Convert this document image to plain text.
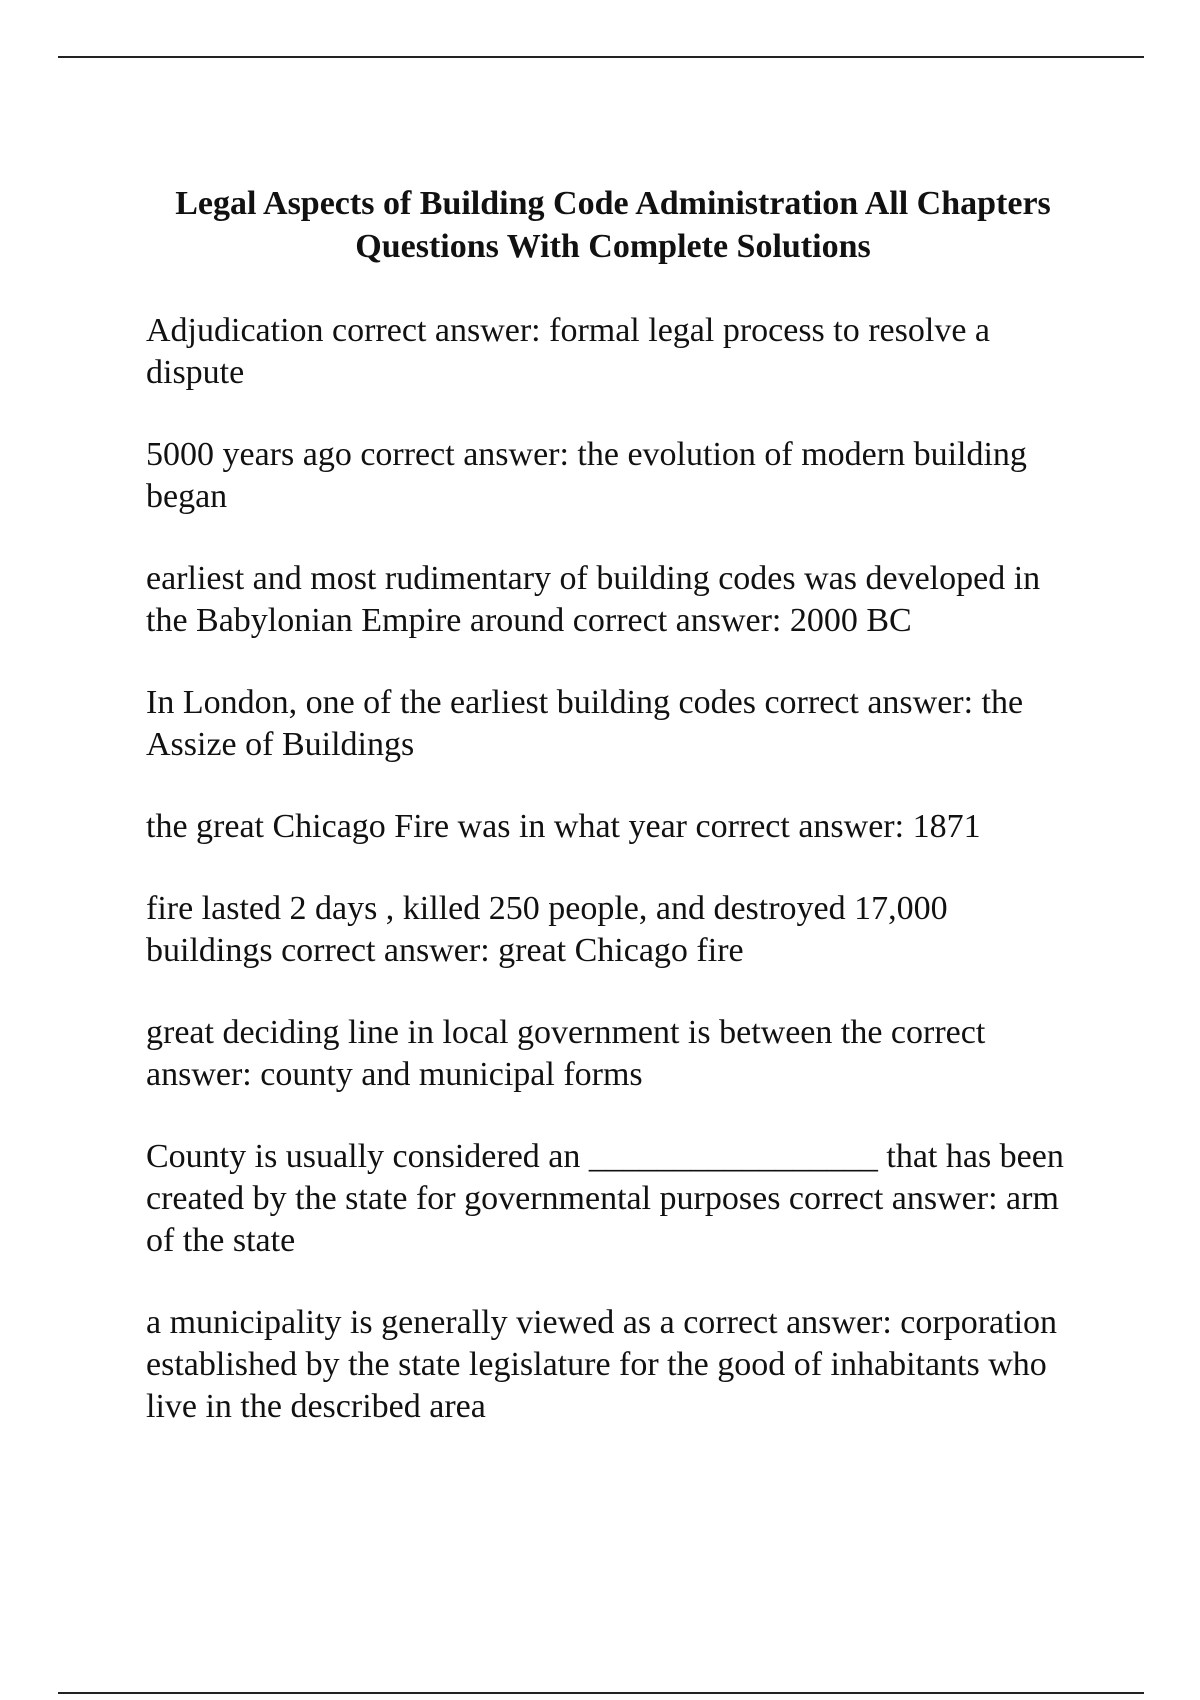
Legal Aspects of Building Code Administration All Chapters Questions With Complete Solutions

Adjudication correct answer: formal legal process to resolve a dispute

5000 years ago correct answer: the evolution of modern building began

earliest and most rudimentary of building codes was developed in the Babylonian Empire around correct answer: 2000 BC

In London, one of the earliest building codes correct answer: the Assize of Buildings

the great Chicago Fire was in what year correct answer: 1871

fire lasted 2 days , killed 250 people, and destroyed 17,000 buildings correct answer: great Chicago fire

great deciding line in local government is between the correct answer: county and municipal forms

County is usually considered an _________________ that has been created by the state for governmental purposes correct answer: arm of the state

a municipality is generally viewed as a correct answer: corporation established by the state legislature for the good of inhabitants who live in the described area
